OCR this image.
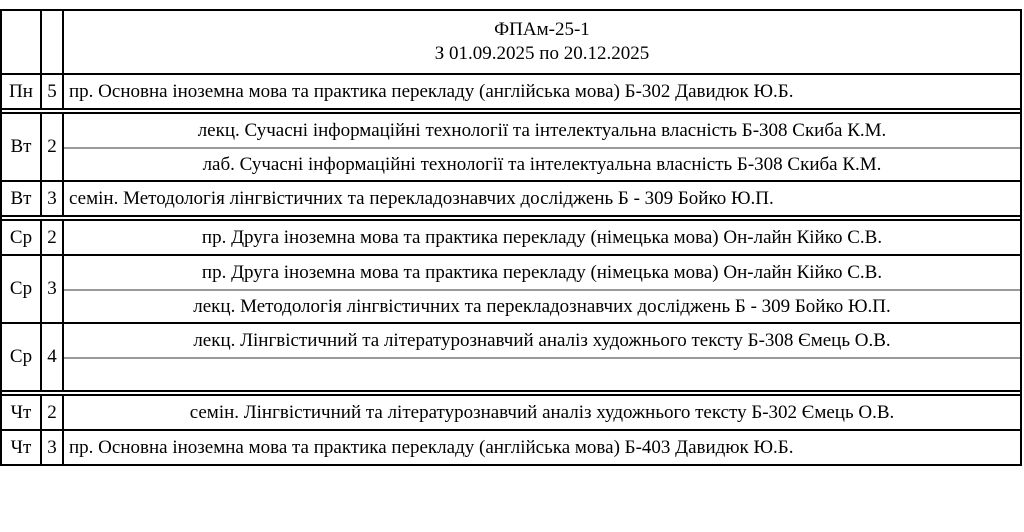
ФПАм-25-1
З 01.09.2025 по 20.12.2025
Пн 5 пр. Основна іноземна мова та практика перекладу (англійська мова) Б-302 Давидюк Ю.Б.
Вт 2
лекц. Сучасні інформаційні технології та інтелектуальна власність Б-308 Скиба К.М.
лаб. Сучасні інформаційні технології та інтелектуальна власність Б-308 Скиба К.М.
Вт 3 семін. Методологія лінгвістичних та перекладознавчих досліджень Б - 309 Бойко Ю.П.
Ср 2	пр. Друга іноземна мова та практика перекладу (німецька мова) Он-лайн Кійко С.В.
Ср 3
пр. Друга іноземна мова та практика перекладу (німецька мова) Он-лайн Кійко С.В.
лекц. Методологія лінгвістичних та перекладознавчих досліджень Б - 309 Бойко Ю.П.
Ср 4
лекц. Лінгвістичний та літературознавчий аналіз художнього тексту Б-308 Ємець О.В.
Чт 2	семін. Лінгвістичний та літературознавчий аналіз художнього тексту Б-302 Ємець О.В.
Чт 3 пр. Основна іноземна мова та практика перекладу (англійська мова) Б-403 Давидюк Ю.Б.
